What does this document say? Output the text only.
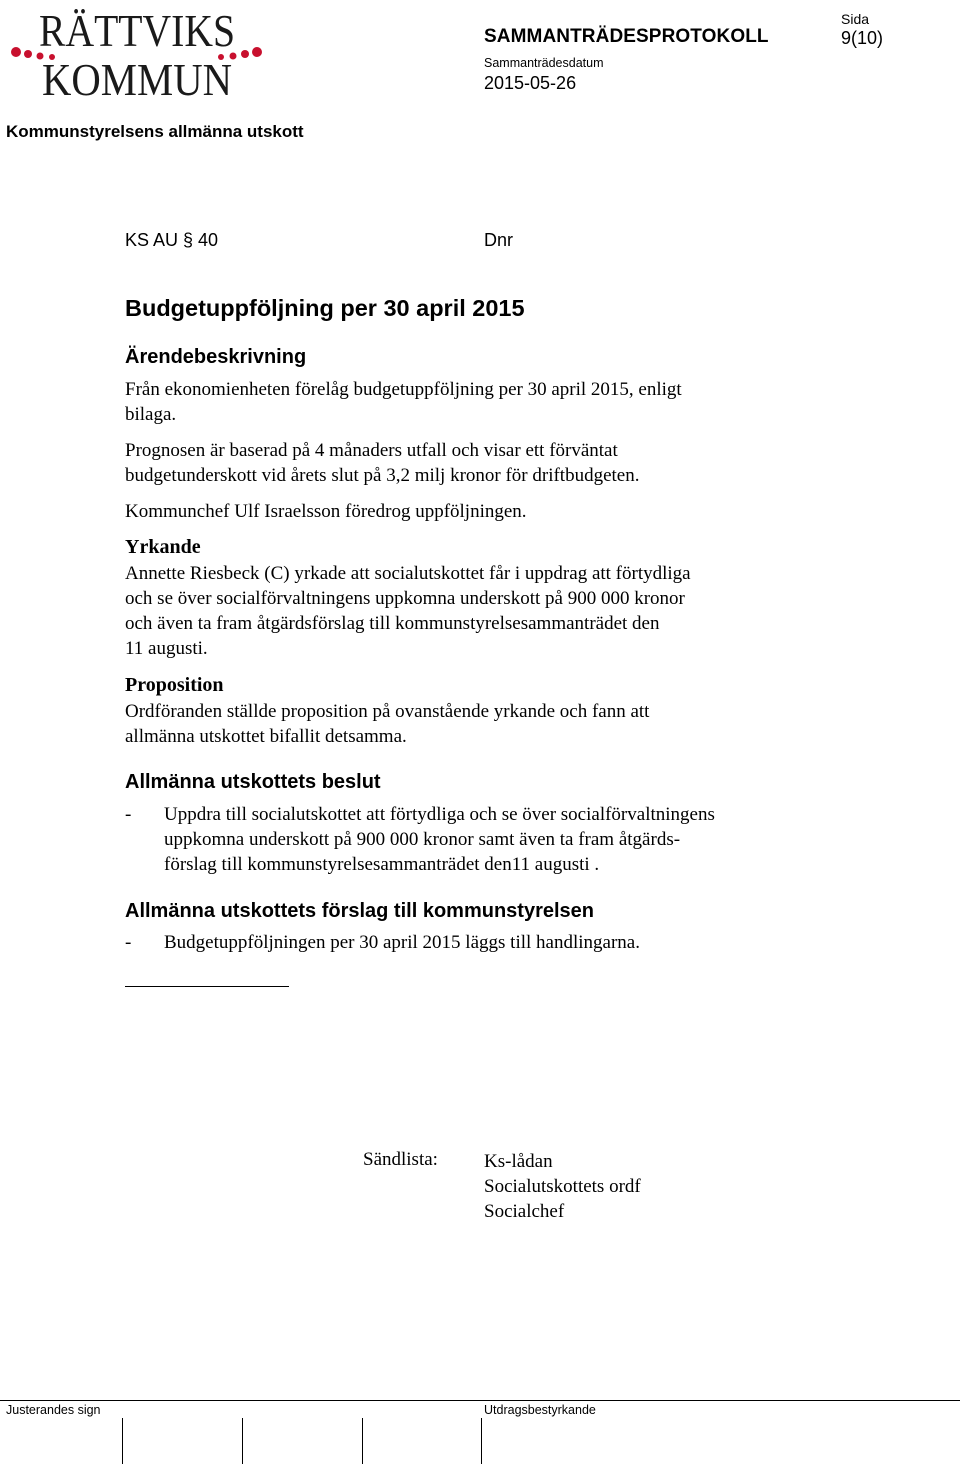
RÄTTVIKS
KOMMUN
SAMMANTRÄDESPROTOKOLL
Sida
9(10)
Sammanträdesdatum
2015-05-26
Kommunstyrelsens allmänna utskott
KS AU § 40	Dnr
Budgetuppföljning per 30 april 2015
Ärendebeskrivning

Från ekonomienheten förelåg budgetuppföljning per 30 april 2015, enligt

bilaga.

Prognosen är baserad på 4 månaders utfall och visar ett förväntat

budgetunderskott vid årets slut på 3,2 milj kronor för driftbudgeten.

Kommunchef Ulf Israelsson föredrog uppföljningen.

Yrkande

Annette Riesbeck (C) yrkade att socialutskottet får i uppdrag att förtydliga

och se över socialförvaltningens uppkomna underskott på 900 000 kronor

och även ta fram åtgärdsförslag till kommunstyrelsesammanträdet den

11 augusti.

Proposition

Ordföranden ställde proposition på ovanstående yrkande och fann att

allmänna utskottet bifallit detsamma.

Allmänna utskottets beslut
- Uppdra till socialutskottet att förtydliga och se över socialförvaltningens
uppkomna underskott på 900 000 kronor samt även ta fram åtgärds-
förslag till kommunstyrelsesammanträdet den11 augusti .
Allmänna utskottets förslag till kommunstyrelsen
- Budgetuppföljningen per 30 april 2015 läggs till handlingarna.
Sändlista: Ks-lådan
Socialutskottets ordf
Socialchef
Justerandes sign	Utdragsbestyrkande
